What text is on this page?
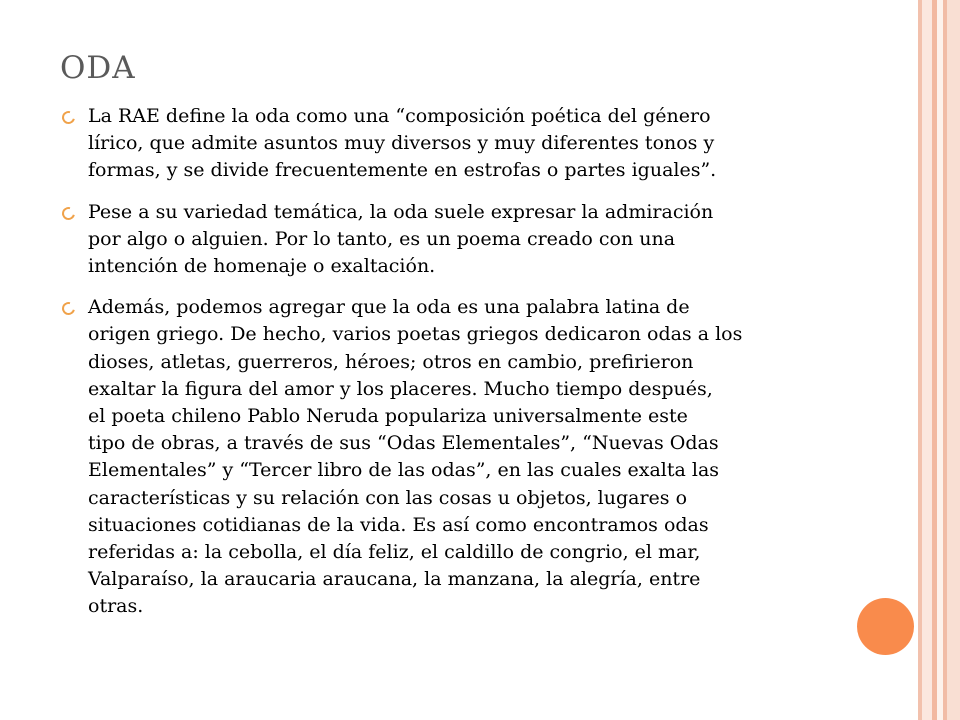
ODA
La RAE define la oda como una “composición poética del género
lírico, que admite asuntos muy diversos y muy diferentes tonos y
formas, y se divide frecuentemente en estrofas o partes iguales”.
Pese a su variedad temática, la oda suele expresar la admiración
por algo o alguien. Por lo tanto, es un poema creado con una
intención de homenaje o exaltación.
Además, podemos agregar que la oda es una palabra latina de
origen griego. De hecho, varios poetas griegos dedicaron odas a los
dioses, atletas, guerreros, héroes; otros en cambio, prefirieron
exaltar la figura del amor y los placeres. Mucho tiempo después,
el poeta chileno Pablo Neruda populariza universalmente este
tipo de obras, a través de sus “Odas Elementales”, “Nuevas Odas
Elementales” y “Tercer libro de las odas”, en las cuales exalta las
características y su relación con las cosas u objetos, lugares o
situaciones cotidianas de la vida. Es así como encontramos odas
referidas a: la cebolla, el día feliz, el caldillo de congrio, el mar,
Valparaíso, la araucaria araucana, la manzana, la alegría, entre
otras.
